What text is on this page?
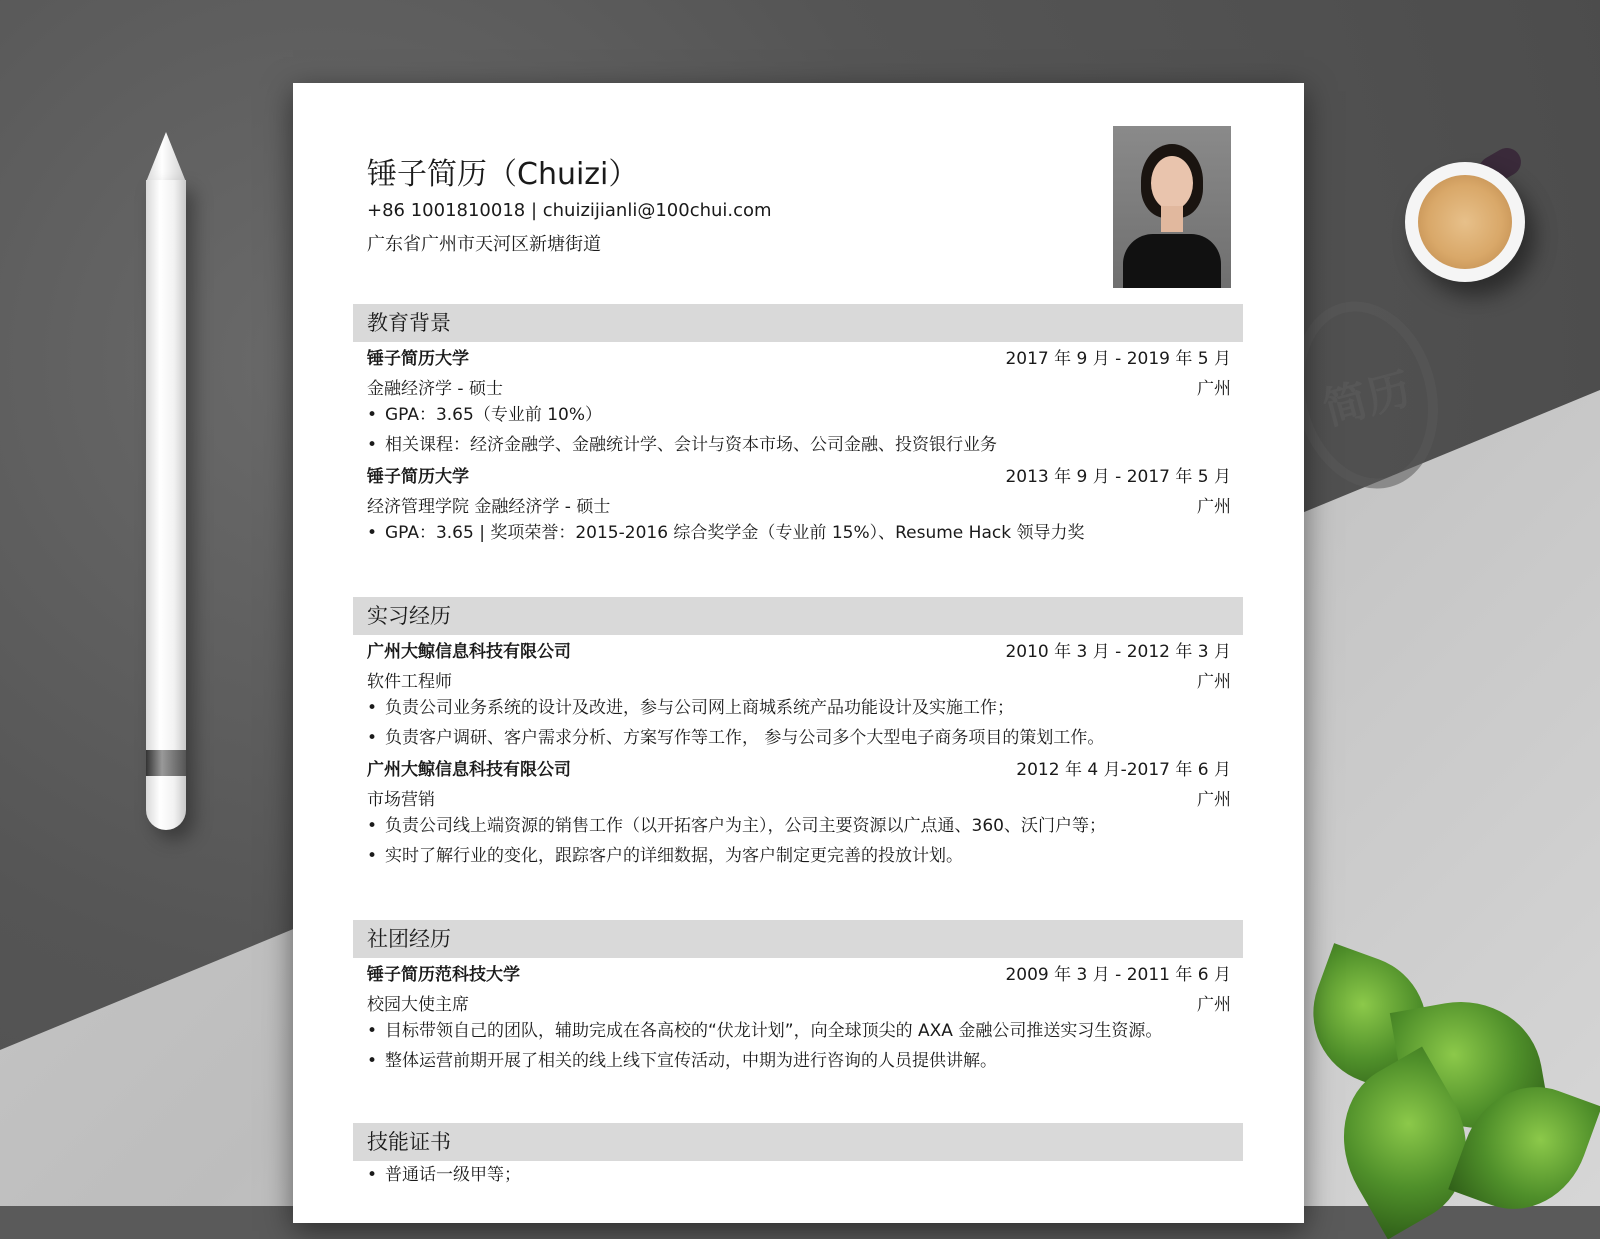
简历
锤子简历（Chuizi）
+86 1001810018 | chuizijianli@100chui.com
广东省广州市天河区新塘街道
教育背景
锤子简历大学	2017 年 9 月 - 2019 年 5 月
金融经济学 - 硕士	广州
• GPA：3.65（专业前 10%）
• 相关课程：经济金融学、金融统计学、会计与资本市场、公司金融、投资银行业务
锤子简历大学	2013 年 9 月 - 2017 年 5 月
经济管理学院 金融经济学 - 硕士	广州
• GPA：3.65 | 奖项荣誉：2015-2016 综合奖学金（专业前 15%）、Resume Hack 领导力奖
实习经历
广州大鲸信息科技有限公司	2010 年 3 月 - 2012 年 3 月
软件工程师	广州
• 负责公司业务系统的设计及改进，参与公司网上商城系统产品功能设计及实施工作；
• 负责客户调研、客户需求分析、方案写作等工作， 参与公司多个大型电子商务项目的策划工作。
广州大鲸信息科技有限公司	2012 年 4 月-2017 年 6 月
市场营销	广州
• 负责公司线上端资源的销售工作（以开拓客户为主），公司主要资源以广点通、360、沃门户等；
• 实时了解行业的变化，跟踪客户的详细数据，为客户制定更完善的投放计划。
社团经历
锤子简历范科技大学	2009 年 3 月 - 2011 年 6 月
校园大使主席	广州
• 目标带领自己的团队，辅助完成在各高校的“伏龙计划”，向全球顶尖的 AXA 金融公司推送实习生资源。
• 整体运营前期开展了相关的线上线下宣传活动，中期为进行咨询的人员提供讲解。
技能证书
• 普通话一级甲等；
